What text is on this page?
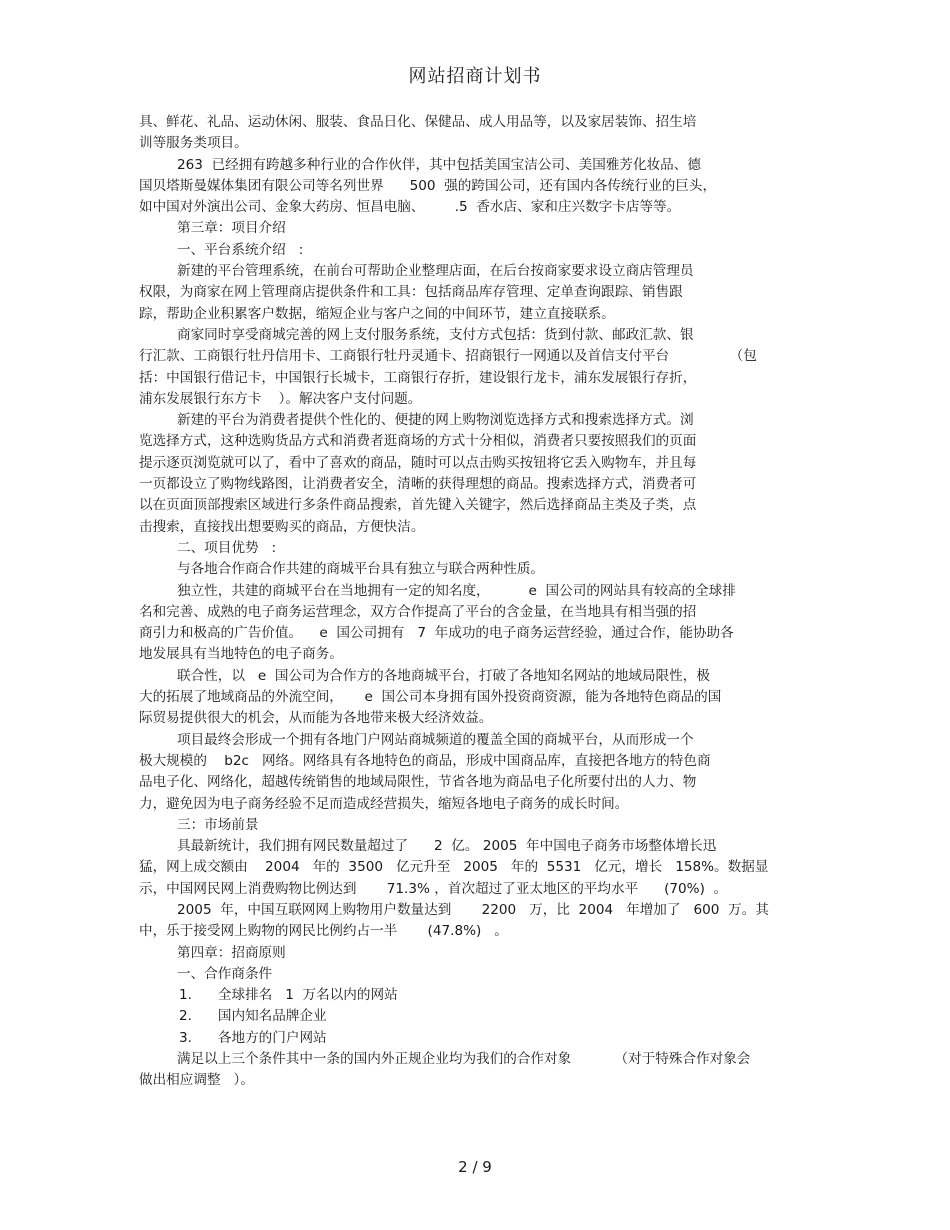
网站招商计划书
具、鲜花、礼品、运动休闲、服装、食品日化、保健品、成人用品等，以及家居装饰、招生培
训等服务类项目。
263  已经拥有跨越多种行业的合作伙伴，其中包括美国宝洁公司、美国雅芳化妆品、德
国贝塔斯曼媒体集团有限公司等名列世界      500  强的跨国公司，还有国内各传统行业的巨头，
如中国对外演出公司、金象大药房、恒昌电脑、       .5  香水店、家和庄兴数字卡店等等。
第三章：项目介绍
一、平台系统介绍   :
新建的平台管理系统，在前台可帮助企业整理店面，在后台按商家要求设立商店管理员
权限，为商家在网上管理商店提供条件和工具：包括商品库存管理、定单查询跟踪、销售跟
踪，帮助企业积累客户数据，缩短企业与客户之间的中间环节，建立直接联系。
商家同时享受商城完善的网上支付服务系统，支付方式包括：货到付款、邮政汇款、银
行汇款、工商银行牡丹信用卡、工商银行牡丹灵通卡、招商银行一网通以及首信支付平台              （包
括：中国银行借记卡，中国银行长城卡，工商银行存折，建设银行龙卡，浦东发展银行存折，
浦东发展银行东方卡    ）。解决客户支付问题。
新建的平台为消费者提供个性化的、便捷的网上购物浏览选择方式和搜索选择方式。浏
览选择方式，这种选购货品方式和消费者逛商场的方式十分相似，消费者只要按照我们的页面
提示逐页浏览就可以了，看中了喜欢的商品，随时可以点击购买按钮将它丢入购物车，并且每
一页都设立了购物线路图，让消费者安全，清晰的获得理想的商品。搜索选择方式，消费者可
以在页面顶部搜索区域进行多条件商品搜索，首先键入关键字，然后选择商品主类及子类，点
击搜索，直接找出想要购买的商品，方便快洁。
二、项目优势   :
与各地合作商合作共建的商城平台具有独立与联合两种性质。
独立性，共建的商城平台在当地拥有一定的知名度，         e  国公司的网站具有较高的全球排
名和完善、成熟的电子商务运营理念，双方合作提高了平台的含金量，在当地具有相当强的招
商引力和极高的广告价值。    e  国公司拥有   7  年成功的电子商务运营经验，通过合作，能协助各
地发展具有当地特色的电子商务。
联合性，以   e  国公司为合作方的各地商城平台，打破了各地知名网站的地域局限性，极
大的拓展了地域商品的外流空间，     e  国公司本身拥有国外投资商资源，能为各地特色商品的国
际贸易提供很大的机会，从而能为各地带来极大经济效益。
项目最终会形成一个拥有各地门户网站商城频道的覆盖全国的商城平台，从而形成一个
极大规模的    b2c   网络。网络具有各地特色的商品，形成中国商品库，直接把各地方的特色商
品电子化、网络化，超越传统销售的地域局限性，节省各地为商品电子化所要付出的人力、物
力，避免因为电子商务经验不足而造成经营损失，缩短各地电子商务的成长时间。
三：市场前景
具最新统计，我们拥有网民数量超过了      2  亿。 2005  年中国电子商务市场整体增长迅
猛，网上成交额由    2004   年的  3500   亿元升至   2005   年的  5531   亿元，增长   158%。数据显
示，中国网民网上消费购物比例达到       71.3% ，首次超过了亚太地区的平均水平      (70%)  。
2005  年，中国互联网网上购物用户数量达到       2200   万，比  2004   年增加了   600  万。其
中，乐于接受网上购物的网民比例约占一半       (47.8%)   。
第四章：招商原则
一、合作商条件
1.      全球排名   1  万名以内的网站
2.      国内知名品牌企业
3.      各地方的门户网站
满足以上三个条件其中一条的国内外正规企业均为我们的合作对象          （对于特殊合作对象会
做出相应调整   ）。
2 / 9
